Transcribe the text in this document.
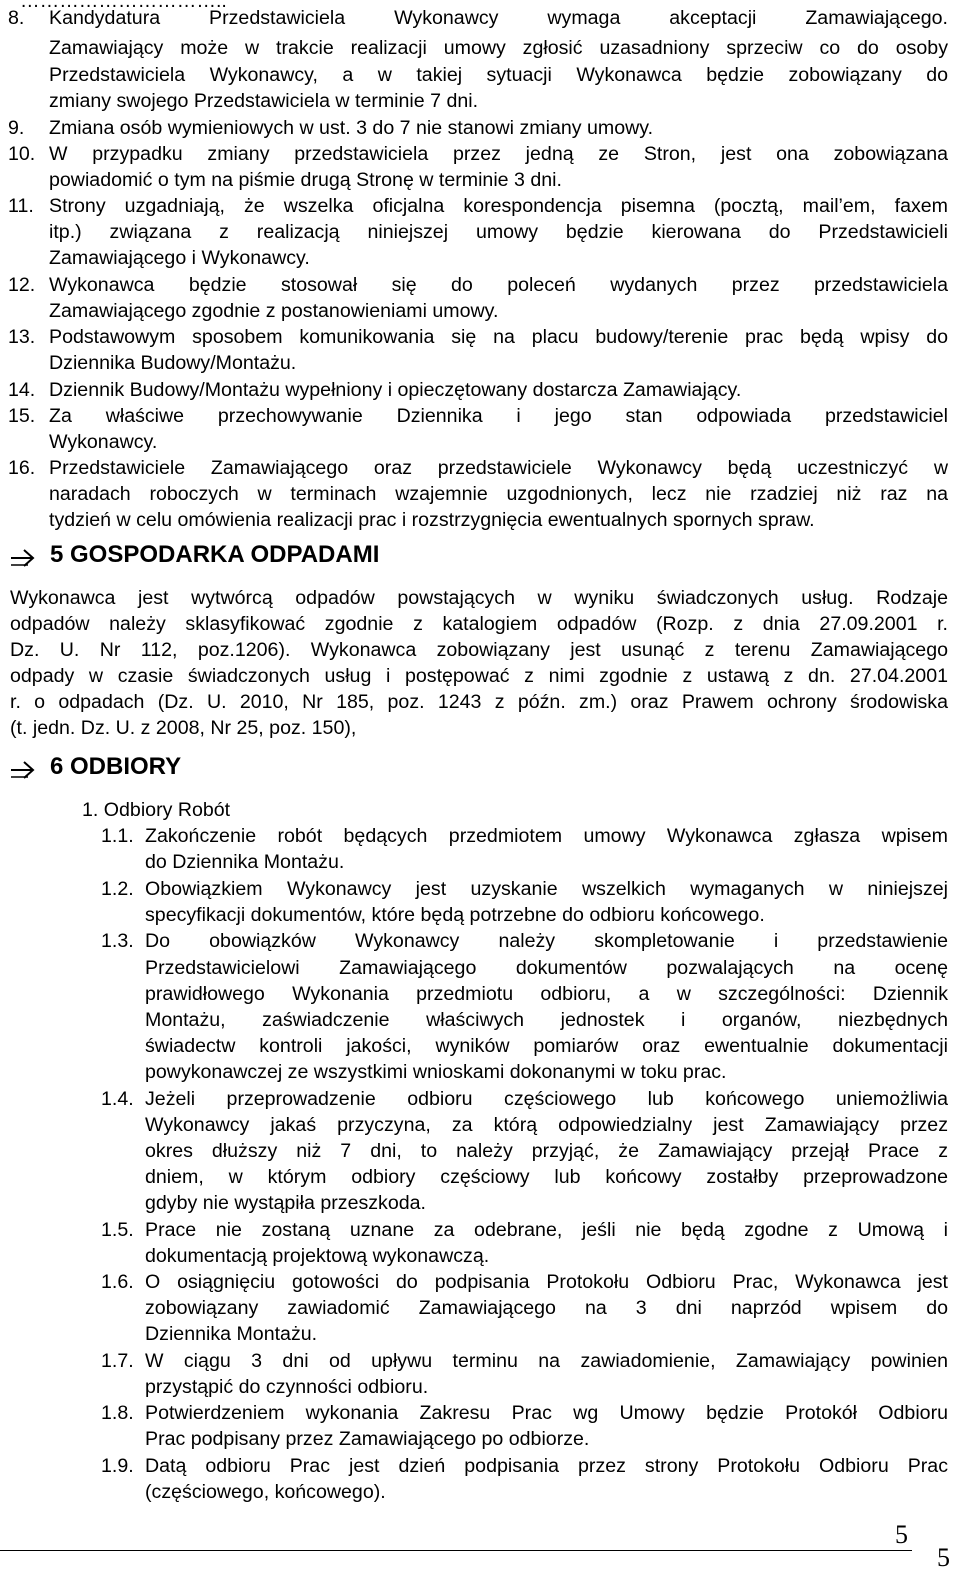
…………………………..
8. Kandydatura Przedstawiciela Wykonawcy wymaga akceptacji Zamawiającego.
Zamawiający może w trakcie realizacji umowy zgłosić uzasadniony sprzeciw co do osoby
Przedstawiciela Wykonawcy, a w takiej sytuacji Wykonawca będzie zobowiązany do
zmiany swojego Przedstawiciela w terminie 7 dni.
9. Zmiana osób wymieniowych w ust. 3 do 7 nie stanowi zmiany umowy.
10. W przypadku zmiany przedstawiciela przez jedną ze Stron, jest ona zobowiązana
powiadomić o tym na piśmie drugą Stronę w terminie 3 dni.
11. Strony uzgadniają, że wszelka oficjalna korespondencja pisemna (pocztą, mail’em, faxem
itp.) związana z realizacją niniejszej umowy będzie kierowana do Przedstawicieli
Zamawiającego i Wykonawcy.
12. Wykonawca będzie stosował się do poleceń wydanych przez przedstawiciela
Zamawiającego zgodnie z postanowieniami umowy.
13. Podstawowym sposobem komunikowania się na placu budowy/terenie prac będą wpisy do
Dziennika Budowy/Montażu.
14. Dziennik Budowy/Montażu wypełniony i opieczętowany dostarcza Zamawiający.
15. Za właściwe przechowywanie Dziennika i jego stan odpowiada przedstawiciel
Wykonawcy.
16. Przedstawiciele Zamawiającego oraz przedstawiciele Wykonawcy będą uczestniczyć w
naradach roboczych w terminach wzajemnie uzgodnionych, lecz nie rzadziej niż raz na
tydzień w celu omówienia realizacji prac i rozstrzygnięcia ewentualnych spornych spraw.
5 GOSPODARKA ODPADAMI
Wykonawca jest wytwórcą odpadów powstających w wyniku świadczonych usług. Rodzaje
odpadów należy sklasyfikować zgodnie z katalogiem odpadów (Rozp. z dnia 27.09.2001 r.
Dz. U. Nr 112, poz.1206). Wykonawca zobowiązany jest usunąć z terenu Zamawiającego
odpady w czasie świadczonych usług i postępować z nimi zgodnie z ustawą z dn. 27.04.2001
r. o odpadach (Dz. U. 2010, Nr 185, poz. 1243 z późn. zm.) oraz Prawem ochrony środowiska
(t. jedn. Dz. U. z 2008, Nr 25, poz. 150),
6 ODBIORY
1. Odbiory Robót
1.1. Zakończenie robót będących przedmiotem umowy Wykonawca zgłasza wpisem
do Dziennika Montażu.
1.2. Obowiązkiem Wykonawcy jest uzyskanie wszelkich wymaganych w niniejszej
specyfikacji dokumentów, które będą potrzebne do odbioru końcowego.
1.3. Do obowiązków Wykonawcy należy skompletowanie i przedstawienie
Przedstawicielowi Zamawiającego dokumentów pozwalających na ocenę
prawidłowego Wykonania przedmiotu odbioru, a w szczególności: Dziennik
Montażu, zaświadczenie właściwych jednostek i organów, niezbędnych
świadectw kontroli jakości, wyników pomiarów oraz ewentualnie dokumentacji
powykonawczej ze wszystkimi wnioskami dokonanymi w toku prac.
1.4. Jeżeli przeprowadzenie odbioru częściowego lub końcowego uniemożliwia
Wykonawcy jakaś przyczyna, za którą odpowiedzialny jest Zamawiający przez
okres dłuższy niż 7 dni, to należy przyjąć, że Zamawiający przejął Prace z
dniem, w którym odbiory częściowy lub końcowy zostałby przeprowadzone
gdyby nie wystąpiła przeszkoda.
1.5. Prace nie zostaną uznane za odebrane, jeśli nie będą zgodne z Umową i
dokumentacją projektową wykonawczą.
1.6. O osiągnięciu gotowości do podpisania Protokołu Odbioru Prac, Wykonawca jest
zobowiązany zawiadomić Zamawiającego na 3 dni naprzód wpisem do
Dziennika Montażu.
1.7. W ciągu 3 dni od upływu terminu na zawiadomienie, Zamawiający powinien
przystąpić do czynności odbioru.
1.8. Potwierdzeniem wykonania Zakresu Prac wg Umowy będzie Protokół Odbioru
Prac podpisany przez Zamawiającego po odbiorze.
1.9. Datą odbioru Prac jest dzień podpisania przez strony Protokołu Odbioru Prac
(częściowego, końcowego).
5
5
